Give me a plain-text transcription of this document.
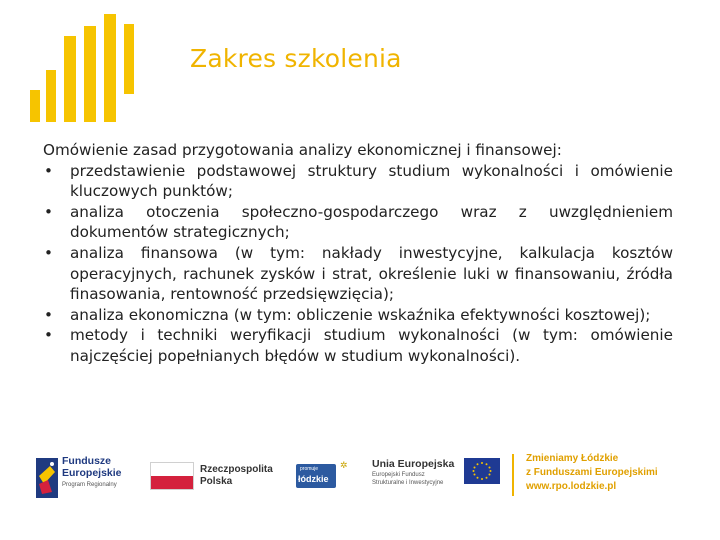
Zakres szkolenia

Omówienie zasad przygotowania analizy ekonomicznej i finansowej:

• przedstawienie podstawowej struktury studium wykonalności i omówienie kluczowych punktów;
• analiza otoczenia społeczno-gospodarczego wraz z uwzględnieniem dokumentów strategicznych;
• analiza finansowa (w tym: nakłady inwestycyjne, kalkulacja kosztów operacyjnych, rachunek zysków i strat, określenie luki w finansowaniu, źródła finasowania, rentowność przedsięwzięcia);
• analiza ekonomiczna (w tym: obliczenie wskaźnika efektywności kosztowej);
• metody i techniki weryfikacji studium wykonalności (w tym: omówienie najczęściej popełnianych błędów w studium wykonalności).
Fundusze
Europejskie
Program Regionalny
Rzeczpospolita
Polska
promuje
łódzkie
✲ Unia Europejska
Europejski Fundusz
Strukturalne i Inwestycyjne
Zmieniamy Łódzkie
z Funduszami Europejskimi
www.rpo.lodzkie.pl
